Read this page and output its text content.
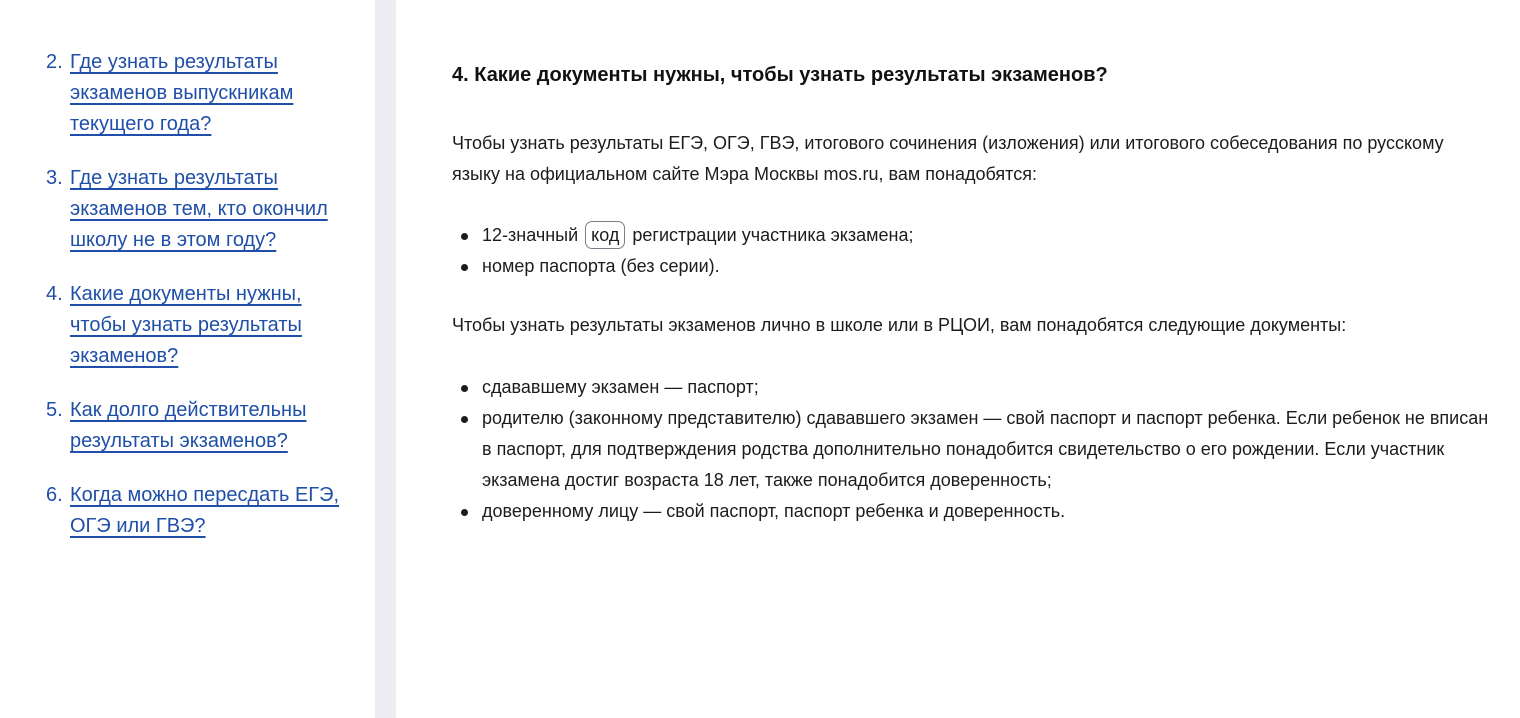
2. Где узнать результаты экзаменов выпускникам текущего года?
3. Где узнать результаты экзаменов тем, кто окончил школу не в этом году?
4. Какие документы нужны, чтобы узнать результаты экзаменов?
5. Как долго действительны результаты экзаменов?
6. Когда можно пересдать ЕГЭ, ОГЭ или ГВЭ?
4. Какие документы нужны, чтобы узнать результаты экзаменов?

Чтобы узнать результаты ЕГЭ, ОГЭ, ГВЭ, итогового сочинения (изложения) или итогового собеседования по русскому языку на официальном сайте Мэра Москвы mos.ru, вам понадобятся:

12-значный код регистрации участника экзамена;
номер паспорта (без серии).

Чтобы узнать результаты экзаменов лично в школе или в РЦОИ, вам понадобятся следующие документы:

сдававшему экзамен — паспорт;
родителю (законному представителю) сдававшего экзамен — свой паспорт и паспорт ребенка. Если ребенок не вписан в паспорт, для подтверждения родства дополнительно понадобится свидетельство о его рождении. Если участник экзамена достиг возраста 18 лет, также понадобится доверенность;
доверенному лицу — свой паспорт, паспорт ребенка и доверенность.
